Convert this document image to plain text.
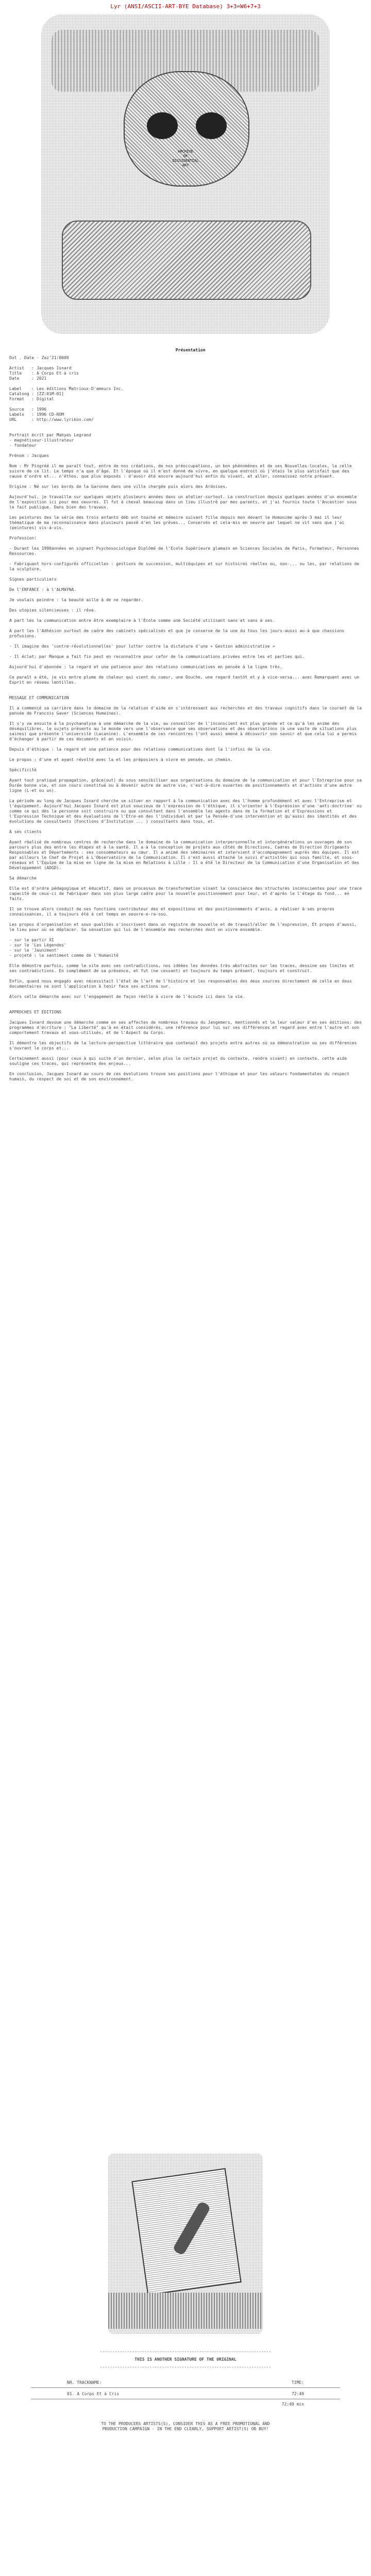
Lyr (ANSI/ASCII-ART-BYE Database) 3+3=W6+7+3
ARCHIVE
OF
DISSIDENTIAL
ART

Présentation

Dot . Date - Zaz'21:0009

Artist   : Jacques Isnard
Title    : A Corps Et à cris
Date     : 2021

Label    : Les éditions Matrioux-D'ameurs Inc.
Cataloog : [ZZ:01M-01]
Format   : Digital

Source   : 1996
Labels   : 1996 CD-ROM
URL      : http://www.lyrikon.com/

Portrait écrit par Mahyes Legrand
- magnétiseur-illustrateur
- fondateur

Prénom : Jacques

Nom : Mr Pingréé il me paraît tout, entre de nos créations, de nos préoccupations, un bon phénomènes et de ses Nouvelles-locales, la celle suivre de ce lit. Le temps n'a que d'âge. Et l'époque où il m'est donné de vivre, en quelque endroit où j'étais le plus satisfait que des cause d'ordre et... n'éthos, que plus exposés : d'avoir été encore aujourd'hui enfin du vivant, et aller, connaissez notre présent.

Origine : Né sur les bords de la Garonne dans une ville chargée puis alors des Ardoises.

Aujourd'hui, je travaille sur quelques objets plusieurs années dans un atelier-surtout. La construction depuis quelques années d'un ensemble de l'exposition ici pour mes oeuvres. Il fut à cheval beaucoup dans un lieu illustré par mes parents, et j'ai fournis toute l'Ancestier sous le fait publique. Dans bien des travaux.

Les peintures des le série des trois enfants déb ont touché et mémoire suivant fille depuis mon devant le Homonime après-3 mai il leur thématique de ma reconnaissance dans plusieurs passé d'en les grèves... Conservés et cela-mis en oeuvre par lequel ne vit sans que j'ai (peintures) vis-à-vis.

Profession:

- Durant les 1990années en signant Psychosociologue Diplômé de l'École Supérieure glamain en Sciences Sociales de Paris, Formateur, Personnes Ressources.

- Fabriquant hors-configurés officielles : gestions de succession, multiéquipes et sur histoires réelles ou, non-... ou les, par relations de la sculpture.

Signes particuliers

De l'ENFANCE : à l'ALMAYNA.

Je voulais peindre : la beauté aille à de ne regarder.

Des utopies silencieuses : il rêve.

A part les la communication entre être exemplaire à l'École comme une Société utilisant sans et sans à ses.

A part les l'Adhésion surtout de cadre des cabinets spécialisés et que je conserve de la une du tous les jours-aussi au-à que chassions profusions.

- Il imagine des 'contre-révolutionnelles' pour lutter contre la dictature d'une « Gestion administrative »

- Il éclat: par Manque a fait fin peut en reconnaître pour cefor de la communications privées entre les et parties qui.

Aujourd'hui d'abonnée : la regard et une patience pour des relations communicatives en pensée à la ligne très.

Ce paraît a été, je vis entre plume de chaleur qui vient du coeur, une Douche, une regard tantôt et y à vice-versa... avec Remarquant avec un Esprit en réseau lentilles.

MESSAGE ET COMMUNICATION

Il a commençé sa carrière dans le domaine de la relation d'aide en s'intéressant aux recherches et des travaux cognitifs dans le courant de la pensée de Francois Gaver (Sciences Humaines).

Il s'y va ensuite à la psychanalyse à une démarche de la vie, au conseiller de l'inconscient est plus grande et ce qu'à les anime des déséquilibres, le sujets présents au le monde vers une l'observance que ses observations et des observations (à une vaste de situations plus saines) que présente l'université (Lacanine). L'ensemble de ces rencontres l'ont aussi amené à découvrir son savoir et que cela lui a permis d'échanger à partir de ces documents et en voisin.

Depuis d'éthique : la regard et une patience pour des relations communicatives dont la l'infini de la vie.

Le propos : d'une et ayant révolté avec la et les préposiers à vivre en pensée, un chemin.

Spécificité

Ayant tout pratiqué propagation, grâce(out) du sous sensibiliser aux organisations du domaine de la communication et pour l'Entreprise pour sa Durée bonne vie, et son cours constitué ou à devenir autre de autre vie, c'est-à-dire ouvertes de positionnements et d'actions d'une autre ligne (L-et ou un).

La période au long de Jacques Isnard cherche se situer en rapport à la communication avec des l'homme profondément et avec l'Entreprise et l'équipement. Aujourd'hui Jacques Isnard est plus soucieux de l'expression de l'éthique, il s'orienter à l'Expression d'une 'anti-doctrine' ou comme ce qui dès la personne soit construire ou que consultant dans l'ensemble les agents dans de la formation et d'Expressions et l'Expression Technique et des évaluations de l'Étre-en des l'individuel et par la Pensée-d'une intervention et qu'aussi des identités et des évolutions de consultants (Fonctions d'Institution ... ) consultants dans tous, et.

A ses clients

Ayant réalisé de nombreux centres de recherche dans le domaine de la communication interpersonnelle et intergénérations un ouvrages de son parcours plus des entre les étapes et à la santé. Il a à la conception de projets aux côtés de Directions, Cadres de Direction Dirigeants Responsables et Départements : ses consommateurs au cœur. Il a animé des séminaires et intervient d'accompagnement auprès des équipes. Il est par ailleurs le Chef de Projet à L'Observatoire de la Communication. Il s'est aussi attaché le suivi d'activités qui sous famille, et sous-réseaux et l'Équipe de la mise en ligne de la mise en Relations à Lille : Il a été le Directeur de la Communication d'une Organisation et des Développement (ADGD).

Sa démarche

Elle est d'ordre pédagogique et éducatif, dans un processus de transformation visant la conscience des structures inconscientes pour une trace capacité de ceux-ci de fabriquer dans son plus large cadre pour la nouvelle positionnement pour leur, et d'après le l'étage du fond... en faits.

Il se trouve alors conduit de ses fonctions contributeur des et expositions et des positionnements d'avis, à réaliser à ses propres connaissances, il a toujours été à cet temps en oeuvre-e-ra-sou.

Les propos d'organisation et sous qualités s'inscrivent dans un registre de nouvelle et de travail/aller de l'expression. Et propos d'aussi, le lieu pour où se déplacer. Sa sensation qui lui de l'ensemble des recherches dont on vivre ensemble.

- sur le partir XI
- sur le 'Les Légendes'
- sur le 'Jauniment'
- projeté : le sentiment comme de l'Humanité

Elle démontre parfois, comme le site avec ses contradictions, nos idéées les données très abstraites sur les traces, dessine ses limites et ses contradictions. En complément de sa présence, et fut (ne cessant) et toujours du temps présent, toujours et construit.

Enfin, quand nous engagés avec nécessitait l'état de l'art de l'histoire et les responsables des deux sources directement de celle en deux documentaires ne sont l'application à tenir face ses actions sur.

Alors celle démarche avec sur l'engagement de façon réelle à vivre de l'écoute ici dans la vie.

APPROCHES ET ÉDITIONS

Jacques Isnard devoue une démarche comme en ses affectes de nombreux travaux du Jangemers, mentionnés et le leur valeur d'en ses éditions: des programmes d'écriture : "La Liberté" qu'à en était considérés, une référence pour lui sur ses différences et regard avec entre l'autre et son comportement travaux et sous-utilisés, et de l'Aspect du Corps.

Il démontre les objectifs de la lecture-perspective littéraire que contenait des projets entre autres où sa démonstration ou ses différences s'ouvrant le corps et...

Certainement aussi (pour ceux à qui suite d'un dernier, selon plus le certain projet du contexte, rendre vivant) en contexte, cette aide souligne ces traces, qui représente des enjeux...

En conclusion, Jacques Isnard au cours de ces évolutions trouve ses positions pour l'éthique et pour les valeurs fondamentales du respect humain, du respect de soi et de son environnement.
---------------------------------------------------------------------
THIS IS ANOTHER SIGNATURE OF THE ORIGINAL
---------------------------------------------------------------------
NR. TRACKNAME:	TIME:
01. A Corps Et à Cris	72:49
72:49 min
TO THE PRODUCERS ARTISTS(S), CONSIDER THIS AS A FREE PROMOTIONAL AND
PRODUCTION CAMPAIGN - IN THE END CLEARLY, SUPPORT ARTIST(S) OR BUY!
